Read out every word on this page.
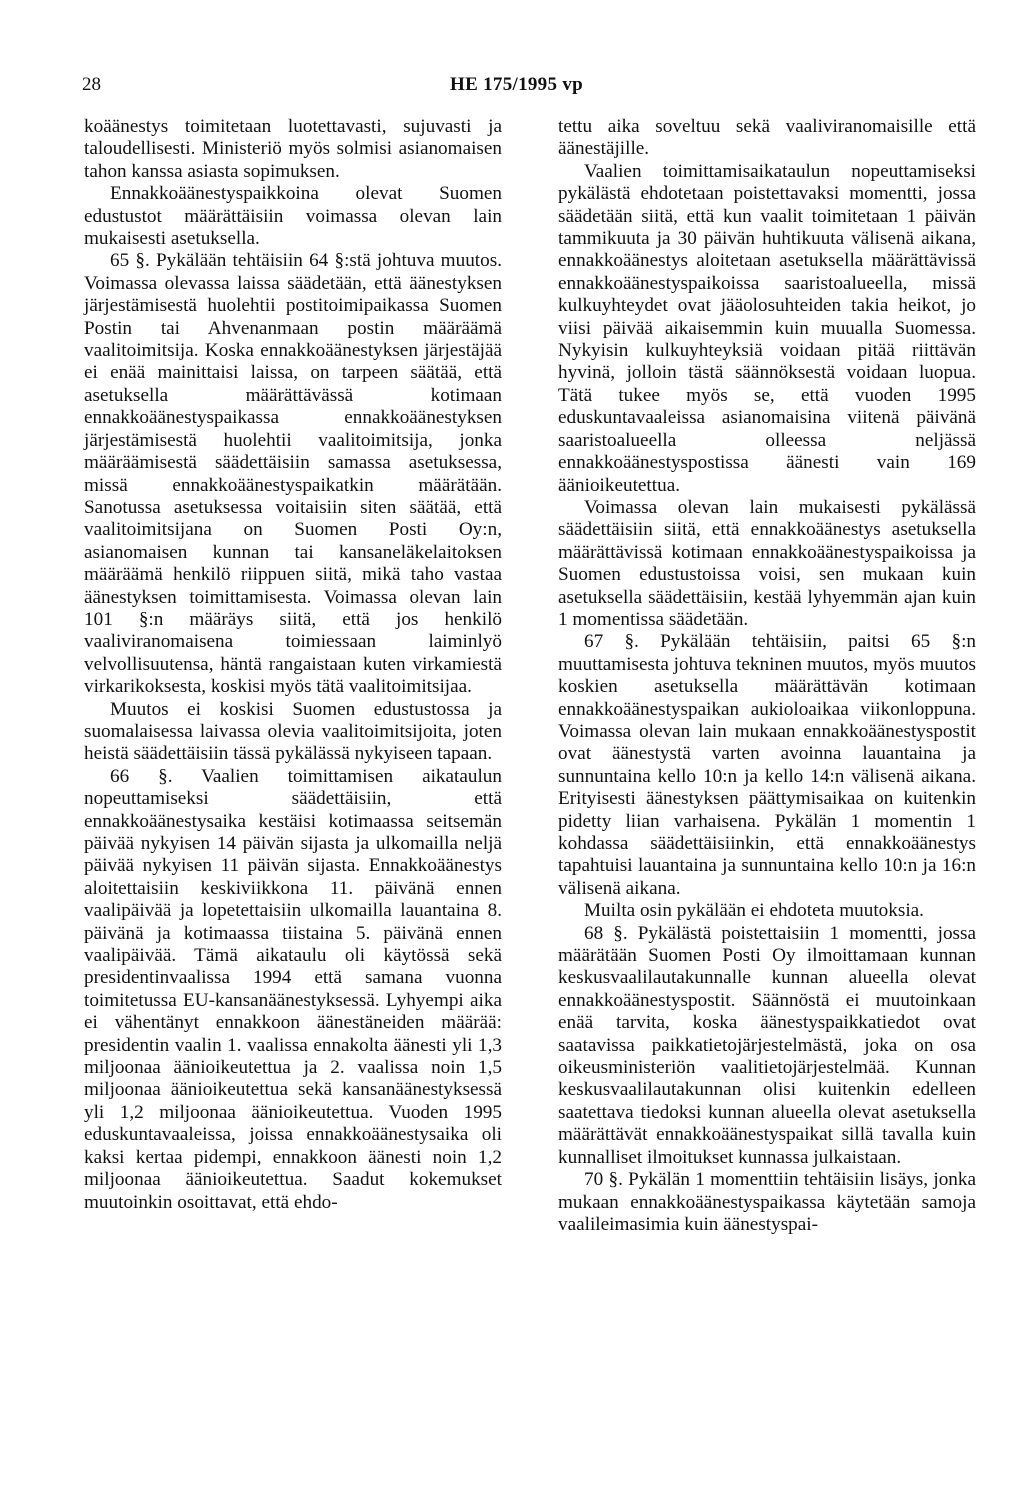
28	HE 175/1995 vp

koäänestys toimitetaan luotettavasti, sujuvasti ja taloudellisesti. Ministeriö myös solmisi asianomaisen tahon kanssa asiasta sopimuksen.

Ennakkoäänestyspaikkoina olevat Suomen edustustot määrättäisiin voimassa olevan lain mukaisesti asetuksella.

65 §. Pykälään tehtäisiin 64 §:stä johtuva muutos. Voimassa olevassa laissa säädetään, että äänestyksen järjestämisestä huolehtii postitoimipaikassa Suomen Postin tai Ahvenanmaan postin määräämä vaalitoimitsija. Koska ennakkoäänestyksen järjestäjää ei enää mainittaisi laissa, on tarpeen säätää, että asetuksella määrättävässä kotimaan ennakkoäänestyspaikassa ennakkoäänestyksen järjestämisestä huolehtii vaalitoimitsija, jonka määräämisestä säädettäisiin samassa asetuksessa, missä ennakkoäänestyspaikatkin määrätään. Sanotussa asetuksessa voitaisiin siten säätää, että vaalitoimitsijana on Suomen Posti Oy:n, asianomaisen kunnan tai kansaneläkelaitoksen määräämä henkilö riippuen siitä, mikä taho vastaa äänestyksen toimittamisesta. Voimassa olevan lain 101 §:n määräys siitä, että jos henkilö vaaliviranomaisena toimiessaan laiminlyö velvollisuutensa, häntä rangaistaan kuten virkamiestä virkarikoksesta, koskisi myös tätä vaalitoimitsijaa.

Muutos ei koskisi Suomen edustustossa ja suomalaisessa laivassa olevia vaalitoimitsijoita, joten heistä säädettäisiin tässä pykälässä nykyiseen tapaan.

66 §. Vaalien toimittamisen aikataulun nopeuttamiseksi säädettäisiin, että ennakkoäänestysaika kestäisi kotimaassa seitsemän päivää nykyisen 14 päivän sijasta ja ulkomailla neljä päivää nykyisen 11 päivän sijasta. Ennakkoäänestys aloitettaisiin keskiviikkona 11. päivänä ennen vaalipäivää ja lopetettaisiin ulkomailla lauantaina 8. päivänä ja kotimaassa tiistaina 5. päivänä ennen vaalipäivää. Tämä aikataulu oli käytössä sekä presidentinvaalissa 1994 että samana vuonna toimitetussa EU-kansanäänestyksessä. Lyhyempi aika ei vähentänyt ennakkoon äänestäneiden määrää: presidentin vaalin 1. vaalissa ennakolta äänesti yli 1,3 miljoonaa äänioikeutettua ja 2. vaalissa noin 1,5 miljoonaa äänioikeutettua sekä kansanäänestyksessä yli 1,2 miljoonaa äänioikeutettua. Vuoden 1995 eduskuntavaaleissa, joissa ennakkoäänestysaika oli kaksi kertaa pidempi, ennakkoon äänesti noin 1,2 miljoonaa äänioikeutettua. Saadut kokemukset muutoinkin osoittavat, että ehdo-

tettu aika soveltuu sekä vaaliviranomaisille että äänestäjille.

Vaalien toimittamisaikataulun nopeuttamiseksi pykälästä ehdotetaan poistettavaksi momentti, jossa säädetään siitä, että kun vaalit toimitetaan 1 päivän tammikuuta ja 30 päivän huhtikuuta välisenä aikana, ennakkoäänestys aloitetaan asetuksella määrättävissä ennakkoäänestyspaikoissa saaristoalueella, missä kulkuyhteydet ovat jääolosuhteiden takia heikot, jo viisi päivää aikaisemmin kuin muualla Suomessa. Nykyisin kulkuyhteyksiä voidaan pitää riittävän hyvinä, jolloin tästä säännöksestä voidaan luopua. Tätä tukee myös se, että vuoden 1995 eduskuntavaaleissa asianomaisina viitenä päivänä saaristoalueella olleessa neljässä ennakkoäänestyspostissa äänesti vain 169 äänioikeutettua.

Voimassa olevan lain mukaisesti pykälässä säädettäisiin siitä, että ennakkoäänestys asetuksella määrättävissä kotimaan ennakkoäänestyspaikoissa ja Suomen edustustoissa voisi, sen mukaan kuin asetuksella säädettäisiin, kestää lyhyemmän ajan kuin 1 momentissa säädetään.

67 §. Pykälään tehtäisiin, paitsi 65 §:n muuttamisesta johtuva tekninen muutos, myös muutos koskien asetuksella määrättävän kotimaan ennakkoäänestyspaikan aukioloaikaa viikonloppuna. Voimassa olevan lain mukaan ennakkoäänestyspostit ovat äänestystä varten avoinna lauantaina ja sunnuntaina kello 10:n ja kello 14:n välisenä aikana. Erityisesti äänestyksen päättymisaikaa on kuitenkin pidetty liian varhaisena. Pykälän 1 momentin 1 kohdassa säädettäisiinkin, että ennakkoäänestys tapahtuisi lauantaina ja sunnuntaina kello 10:n ja 16:n välisenä aikana.

Muilta osin pykälään ei ehdoteta muutoksia.

68 §. Pykälästä poistettaisiin 1 momentti, jossa määrätään Suomen Posti Oy ilmoittamaan kunnan keskusvaalilautakunnalle kunnan alueella olevat ennakkoäänestyspostit. Säännöstä ei muutoinkaan enää tarvita, koska äänestyspaikkatiedot ovat saatavissa paikkatietojärjestelmästä, joka on osa oikeusministeriön vaalitietojärjestelmää. Kunnan keskusvaalilautakunnan olisi kuitenkin edelleen saatettava tiedoksi kunnan alueella olevat asetuksella määrättävät ennakkoäänestyspaikat sillä tavalla kuin kunnalliset ilmoitukset kunnassa julkaistaan.

70 §. Pykälän 1 momenttiin tehtäisiin lisäys, jonka mukaan ennakkoäänestyspaikassa käytetään samoja vaalileimasimia kuin äänestyspai-
